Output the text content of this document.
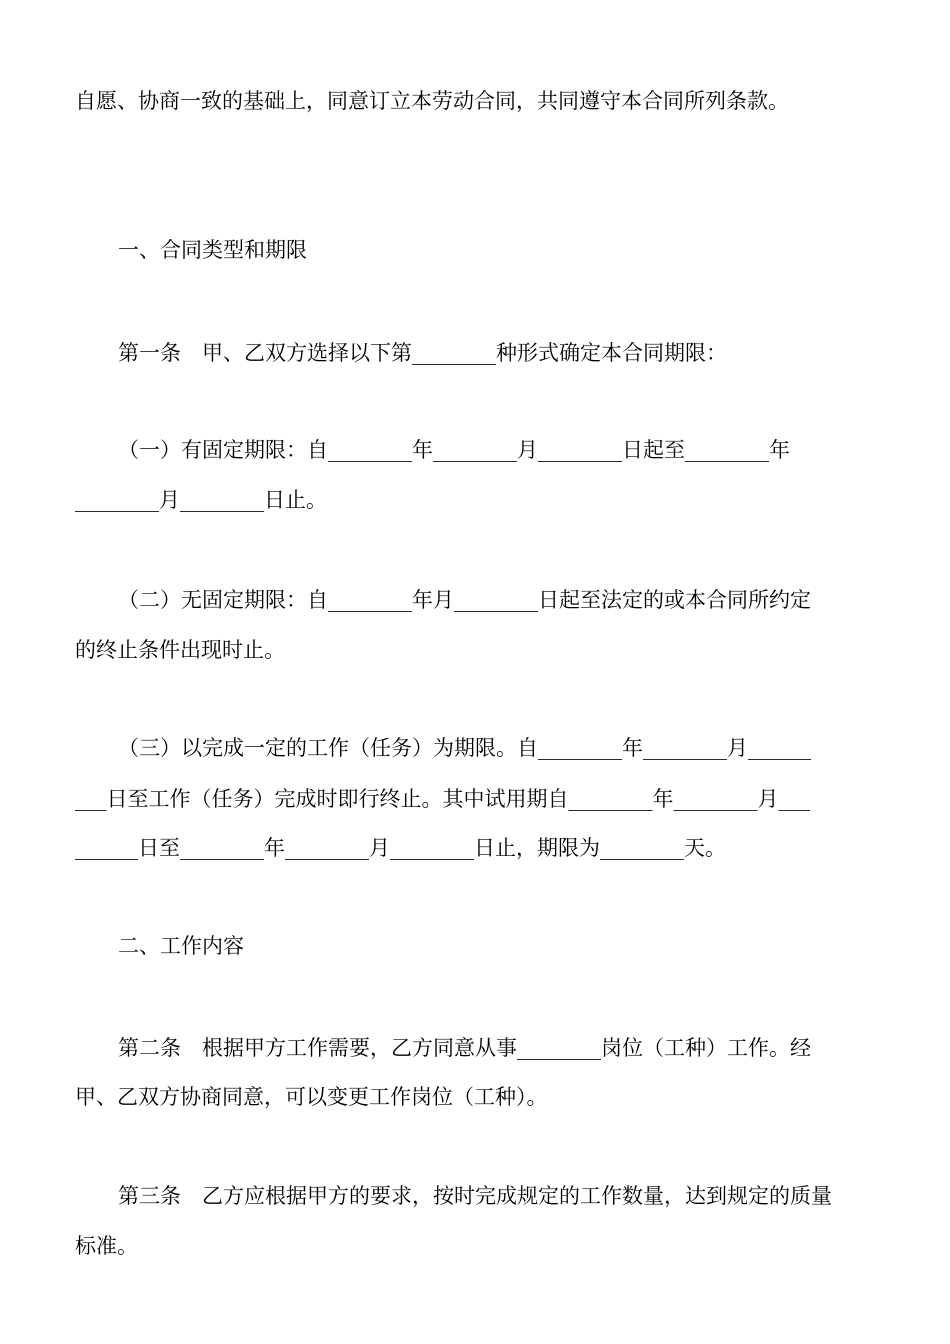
自愿、协商一致的基础上，同意订立本劳动合同，共同遵守本合同所列条款。
一、合同类型和期限
第一条　甲、乙双方选择以下第________种形式确定本合同期限：
（一）有固定期限：自________年________月________日起至________年
________月________日止。
（二）无固定期限：自________年月________日起至法定的或本合同所约定
的终止条件出现时止。
（三）以完成一定的工作（任务）为期限。自________年________月______
___日至工作（任务）完成时即行终止。其中试用期自________年________月___
______日至________年________月________日止，期限为________天。
二、工作内容
第二条　根据甲方工作需要，乙方同意从事________岗位（工种）工作。经
甲、乙双方协商同意，可以变更工作岗位（工种）。
第三条　乙方应根据甲方的要求，按时完成规定的工作数量，达到规定的质量
标准。
